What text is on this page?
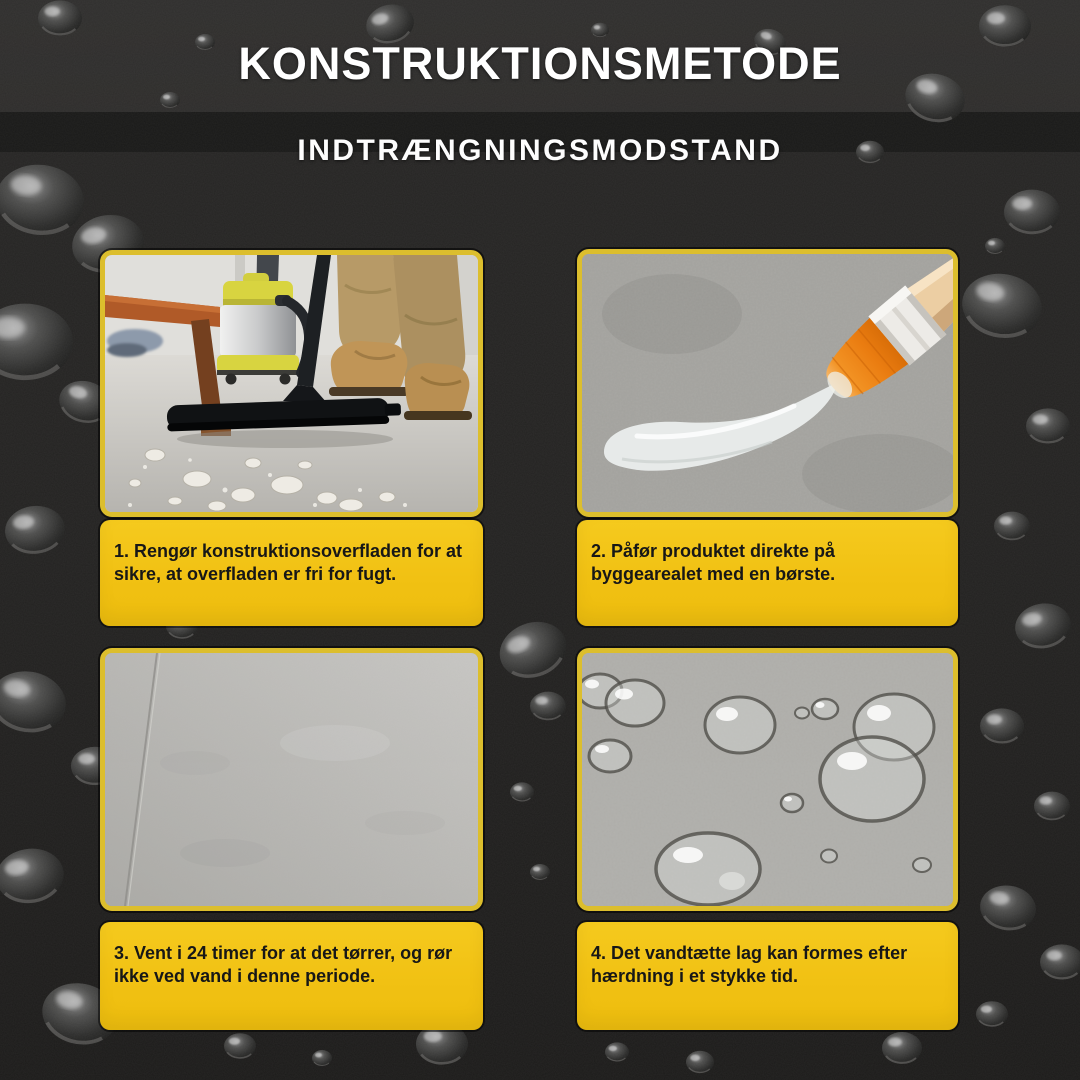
KONSTRUKTIONSMETODE
INDTRÆNGNINGSMODSTAND

1. Rengør konstruktionsoverfladen for at sikre, at overfladen er fri for fugt.

2. Påfør produktet direkte på byggearealet med en børste.

3. Vent i 24 timer for at det tørrer, og rør ikke ved vand i denne periode.

4. Det vandtætte lag kan formes efter hærdning i et stykke tid.
